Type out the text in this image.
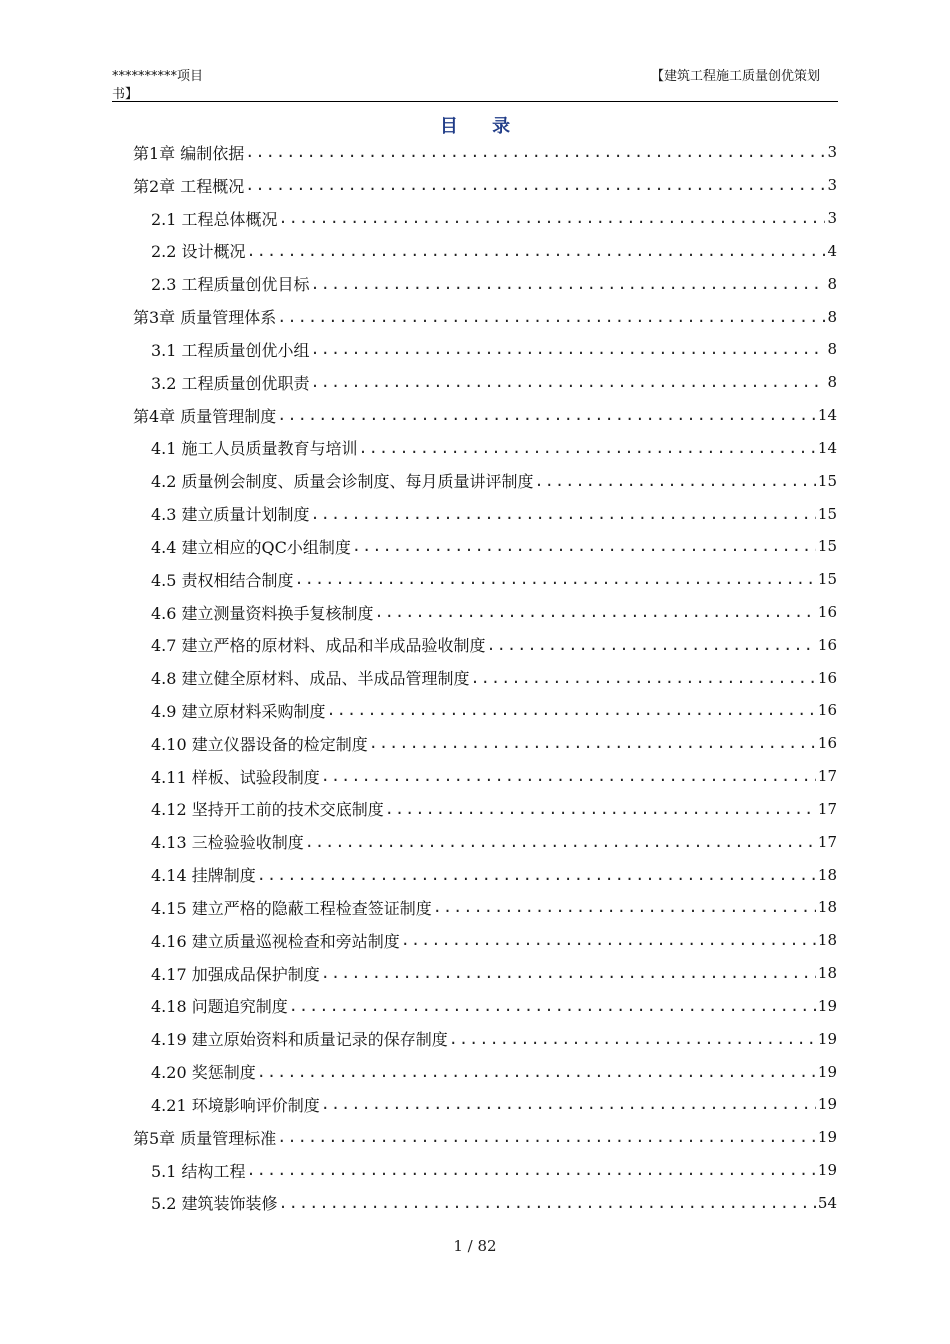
**********项目书】
【建筑工程施工质量创优策划
目 录
第1章 编制依据 .....	3
第2章 工程概况 .....	3
2.1 工程总体概况 .....	3
2.2 设计概况 .....	4
2.3 工程质量创优目标 .....	8
第3章 质量管理体系 .....	8
3.1 工程质量创优小组 .....	8
3.2 工程质量创优职责 .....	8
第4章 质量管理制度 .....	14
4.1 施工人员质量教育与培训 .....	14
4.2 质量例会制度、质量会诊制度、每月质量讲评制度 .....	15
4.3 建立质量计划制度 .....	15
4.4 建立相应的QC小组制度 .....	15
4.5 责权相结合制度 .....	15
4.6 建立测量资料换手复核制度 .....	16
4.7 建立严格的原材料、成品和半成品验收制度 .....	16
4.8 建立健全原材料、成品、半成品管理制度 .....	16
4.9 建立原材料采购制度 .....	16
4.10 建立仪器设备的检定制度 .....	16
4.11 样板、试验段制度 .....	17
4.12 坚持开工前的技术交底制度 .....	17
4.13 三检验验收制度 .....	17
4.14 挂牌制度 .....	18
4.15 建立严格的隐蔽工程检查签证制度 .....	18
4.16 建立质量巡视检查和旁站制度 .....	18
4.17 加强成品保护制度 .....	18
4.18 问题追究制度 .....	19
4.19 建立原始资料和质量记录的保存制度 .....	19
4.20 奖惩制度 .....	19
4.21 环境影响评价制度 .....	19
第5章 质量管理标准 .....	19
5.1 结构工程 .....	19
5.2 建筑装饰装修 .....	54
1 / 82
